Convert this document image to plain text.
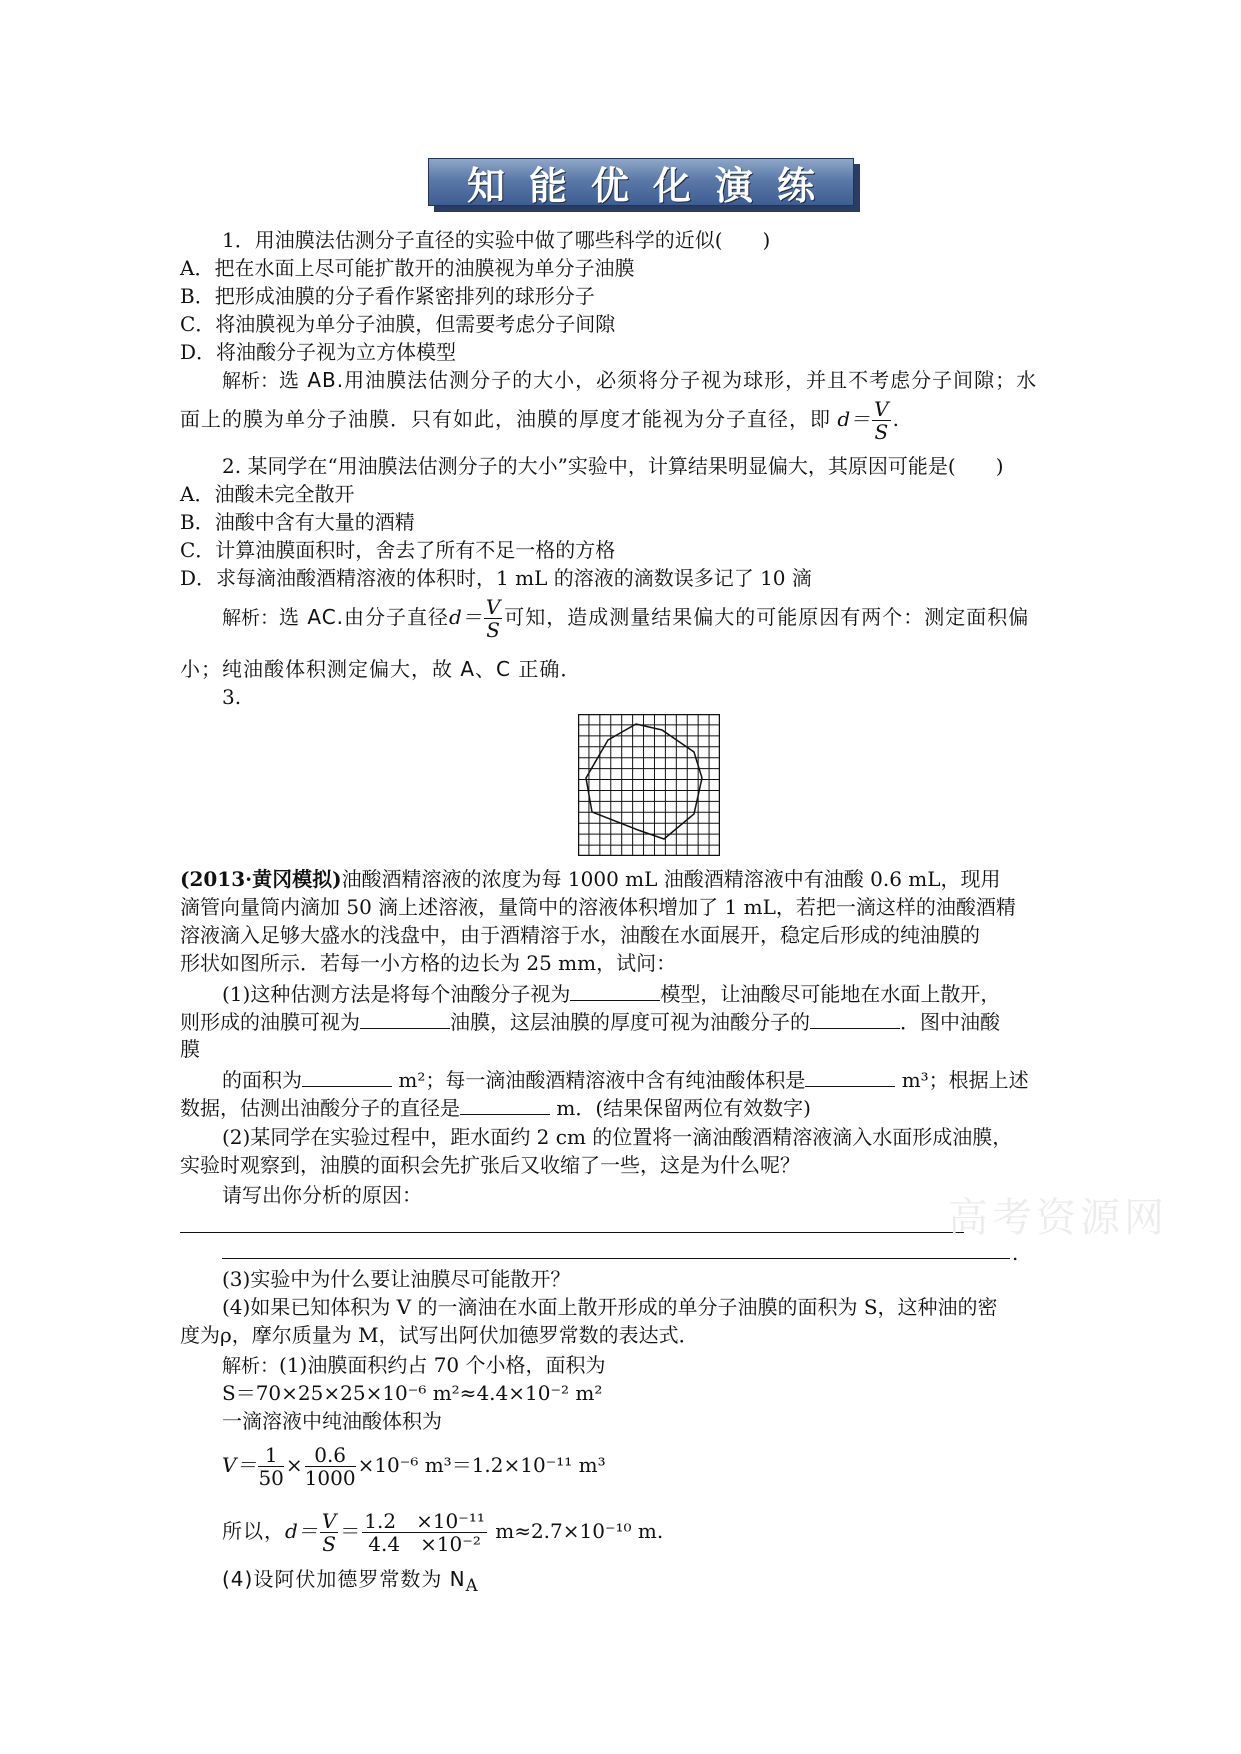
知能优化演练
1．用油膜法估测分子直径的实验中做了哪些科学的近似(　　)
A．把在水面上尽可能扩散开的油膜视为单分子油膜
B．把形成油膜的分子看作紧密排列的球形分子
C．将油膜视为单分子油膜，但需要考虑分子间隙
D．将油酸分子视为立方体模型
解析：选 AB.用油膜法估测分子的大小，必须将分子视为球形，并且不考虑分子间隙；水
面上的膜为单分子油膜．只有如此，油膜的厚度才能视为分子直径，即 $d= \frac{V}{S}$ .
2. 某同学在“用油膜法估测分子的大小”实验中，计算结果明显偏大，其原因可能是(　　)
A．油酸未完全散开
B．油酸中含有大量的酒精
C．计算油膜面积时，舍去了所有不足一格的方格
D．求每滴油酸酒精溶液的体积时，1 mL 的溶液的滴数误多记了 10 滴
解析：选 AC.由分子直径$d= \frac{V}{S}$ 可知，造成测量结果偏大的可能原因有两个：测定面积偏
小；纯油酸体积测定偏大，故 A、C 正确．
3.
(2013·黄冈模拟)油酸酒精溶液的浓度为每 1000 mL 油酸酒精溶液中有油酸 0.6 mL，现用
滴管向量筒内滴加 50 滴上述溶液，量筒中的溶液体积增加了 1 mL，若把一滴这样的油酸酒精
溶液滴入足够大盛水的浅盘中，由于酒精溶于水，油酸在水面展开，稳定后形成的纯油膜的
形状如图所示．若每一小方格的边长为 25 mm，试问：
(1)这种估测方法是将每个油酸分子视为	模型，让油酸尽可能地在水面上散开，
则形成的油膜可视为	油膜，这层油膜的厚度可视为油酸分子的	．图中油酸
膜
的面积为	m²；每一滴油酸酒精溶液中含有纯油酸体积是	m³；根据上述
数据，估测出油酸分子的直径是	m．(结果保留两位有效数字)
(2)某同学在实验过程中，距水面约 2 cm 的位置将一滴油酸酒精溶液滴入水面形成油膜，
实验时观察到，油膜的面积会先扩张后又收缩了一些，这是为什么呢？
请写出你分析的原因：
.
(3)实验中为什么要让油膜尽可能散开？
(4)如果已知体积为 V 的一滴油在水面上散开形成的单分子油膜的面积为 S，这种油的密
度为ρ，摩尔质量为 M，试写出阿伏加德罗常数的表达式．
解析：(1)油膜面积约占 70 个小格，面积为
S＝70×25×25×10⁻⁶ m²≈4.4×10⁻² m²
一滴溶液中纯油酸体积为
$V= \frac{1}{50} \times \frac{0.6}{1000} \times 10^{-6}$ m³＝1.2×10⁻¹¹ m³
所以，$d= \frac{V}{S} = \frac{\text{1.2　×10⁻¹¹}}{\text{4.4　×10⁻²}} m\approx 2.7\times 10^{-10}$ m.
(4)设阿伏加德罗常数为 $N_A$
高考资源网
